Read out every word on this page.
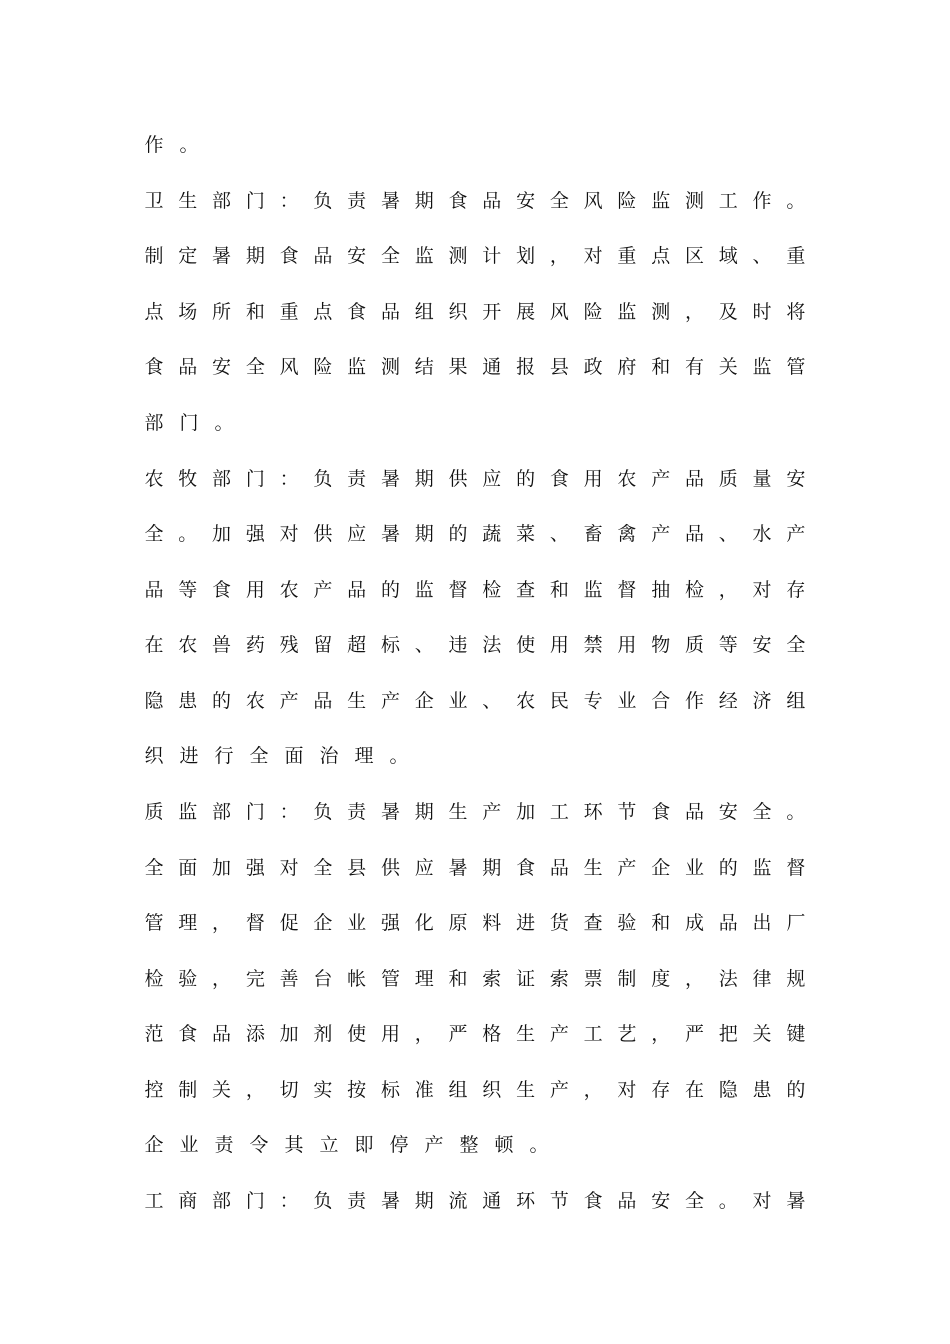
作 。
卫 生 部 门 ： 负 责 暑 期 食 品 安 全 风 险 监 测 工 作 。
制 定 暑 期 食 品 安 全 监 测 计 划 ， 对 重 点 区 域 、 重
点 场 所 和 重 点 食 品 组 织 开 展 风 险 监 测 ， 及 时 将
食 品 安 全 风 险 监 测 结 果 通 报 县 政 府 和 有 关 监 管
部 门 。
农 牧 部 门 ： 负 责 暑 期 供 应 的 食 用 农 产 品 质 量 安
全 。 加 强 对 供 应 暑 期 的 蔬 菜 、 畜 禽 产 品 、 水 产
品 等 食 用 农 产 品 的 监 督 检 查 和 监 督 抽 检 ， 对 存
在 农 兽 药 残 留 超 标 、 违 法 使 用 禁 用 物 质 等 安 全
隐 患 的 农 产 品 生 产 企 业 、 农 民 专 业 合 作 经 济 组
织 进 行 全 面 治 理 。
质 监 部 门 ： 负 责 暑 期 生 产 加 工 环 节 食 品 安 全 。
全 面 加 强 对 全 县 供 应 暑 期 食 品 生 产 企 业 的 监 督
管 理 ， 督 促 企 业 强 化 原 料 进 货 查 验 和 成 品 出 厂
检 验 ， 完 善 台 帐 管 理 和 索 证 索 票 制 度 ， 法 律 规
范 食 品 添 加 剂 使 用 ， 严 格 生 产 工 艺 ， 严 把 关 键
控 制 关 ， 切 实 按 标 准 组 织 生 产 ， 对 存 在 隐 患 的
企 业 责 令 其 立 即 停 产 整 顿 。
工 商 部 门 ： 负 责 暑 期 流 通 环 节 食 品 安 全 。 对 暑
